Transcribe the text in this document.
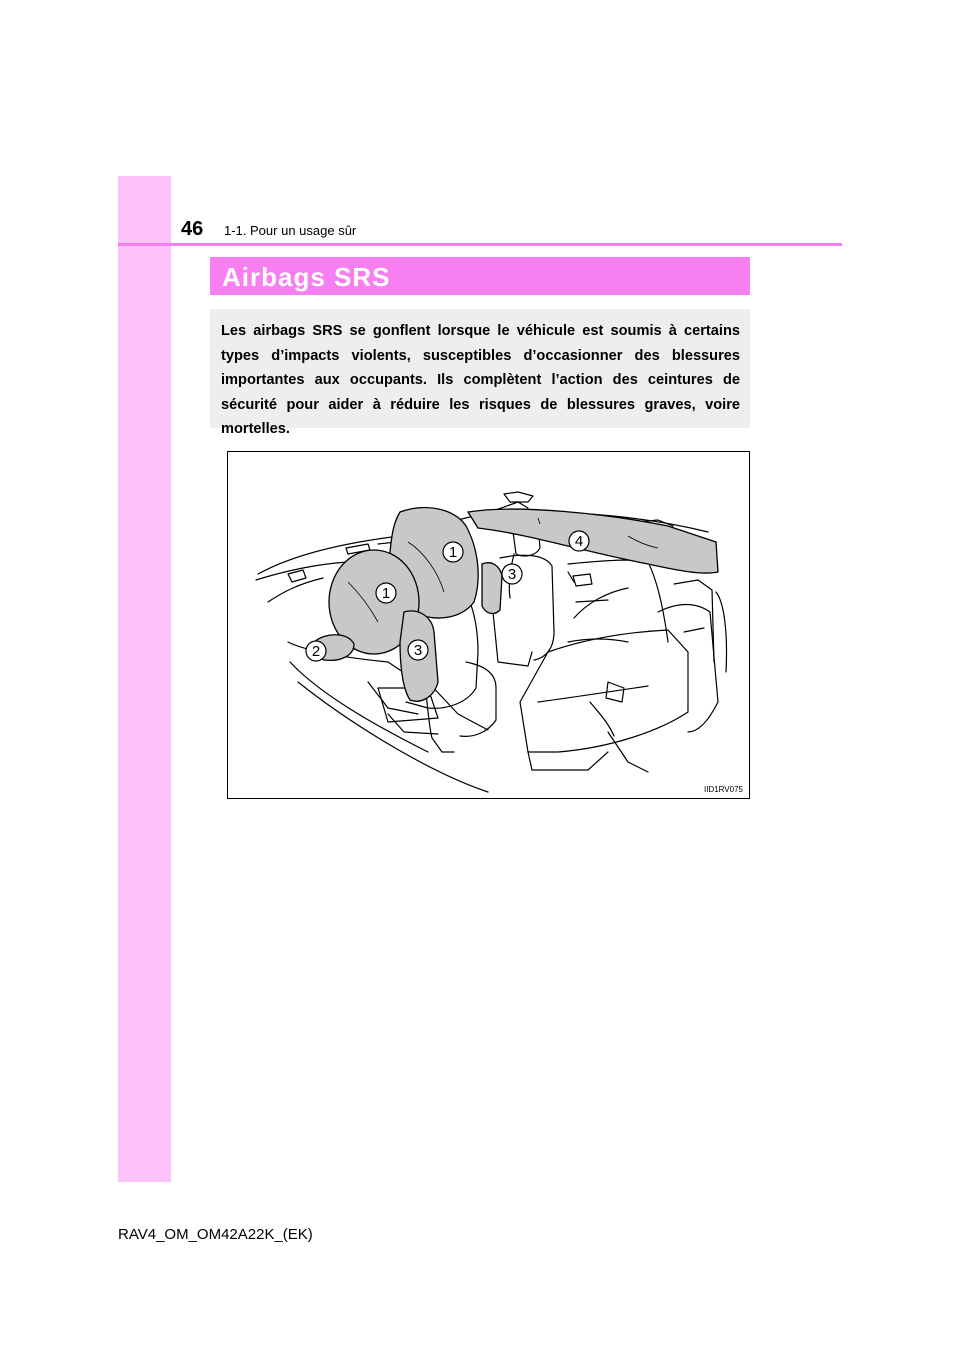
46 1-1. Pour un usage sûr
Airbags SRS

Les airbags SRS se gonflent lorsque le véhicule est soumis à certains types d’impacts violents, susceptibles d’occasionner des blessures importantes aux occupants. Ils complètent l’action des ceintures de sécurité pour aider à réduire les risques de blessures graves, voire mortelles.

1
1
2	3
3
4
IID1RV075
RAV4_OM_OM42A22K_(EK)
